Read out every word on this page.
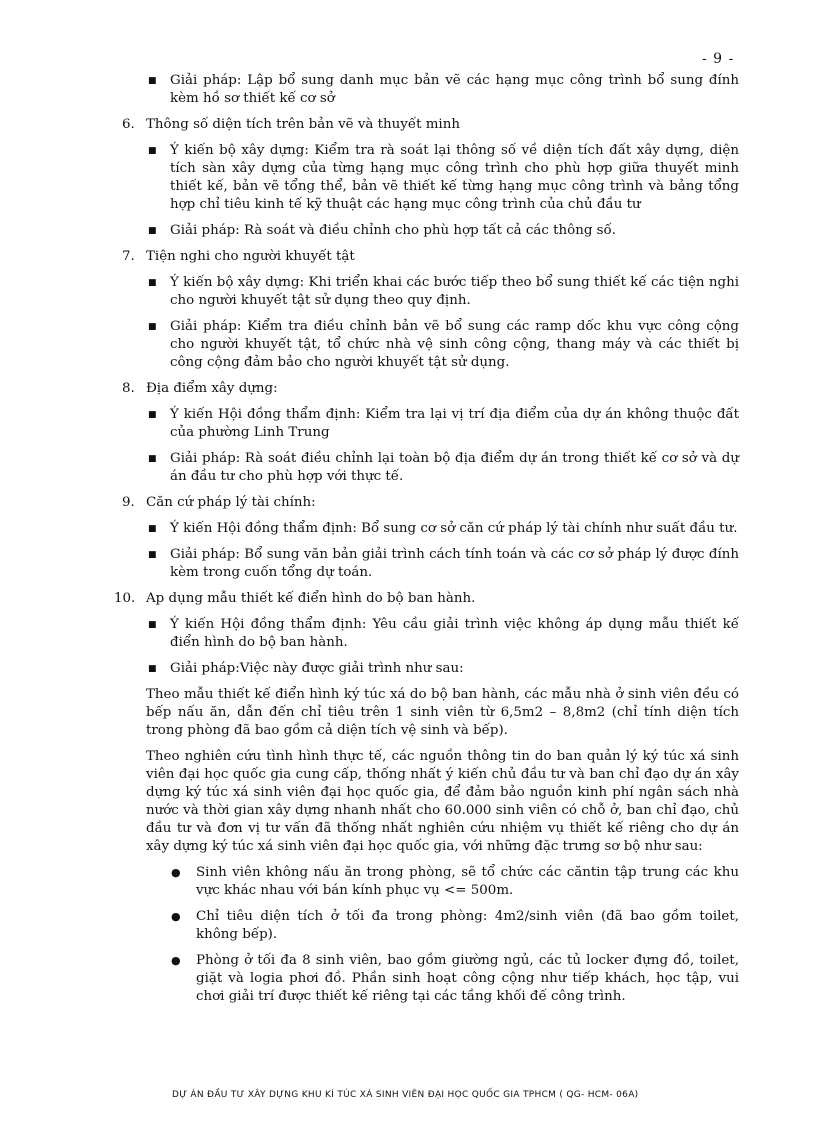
- 9 -
■ Giải pháp: Lập bổ sung danh mục bản vẽ các hạng mục công trình bổ sung đính kèm hồ sơ thiết kế cơ sở
6. Thông số diện tích trên bản vẽ và thuyết minh
■ Ý kiến bộ xây dựng: Kiểm tra rà soát lại thông số về diện tích đất xây dựng, diện tích sàn xây dựng của từng hạng mục công trình cho phù hợp giữa thuyết minh thiết kế, bản vẽ tổng thể, bản vẽ thiết kế từng hạng mục công trình và bảng tổng hợp chỉ tiêu kinh tế kỹ thuật các hạng mục công trình của chủ đầu tư
■ Giải pháp: Rà soát và điều chỉnh cho phù hợp tất cả các thông số.
7. Tiện nghi cho người khuyết tật
■ Ý kiến bộ xây dựng: Khi triển khai các bước tiếp theo bổ sung thiết kế các tiện nghi cho người khuyết tật sử dụng theo quy định.
■ Giải pháp: Kiểm tra điều chỉnh bản vẽ bổ sung các ramp dốc khu vực công cộng cho người khuyết tật, tổ chức nhà vệ sinh công cộng, thang máy và các thiết bị công cộng đảm bảo cho người khuyết tật sử dụng.
8. Địa điểm xây dựng:
■ Ý kiến Hội đồng thẩm định: Kiểm tra lại vị trí địa điểm của dự án không thuộc đất của phường Linh Trung
■ Giải pháp: Rà soát điều chỉnh lại toàn bộ địa điểm dự án trong thiết kế cơ sở và dự án đầu tư cho phù hợp với thực tế.
9. Căn cứ pháp lý tài chính:
■ Ý kiến Hội đồng thẩm định: Bổ sung cơ sở căn cứ pháp lý tài chính như suất đầu tư.
■ Giải pháp: Bổ sung văn bản giải trình cách tính toán và các cơ sở pháp lý được đính kèm trong cuốn tổng dự toán.
10. Ap dụng mẫu thiết kế điển hình do bộ ban hành.
■ Ý kiến Hội đồng thẩm định: Yêu cầu giải trình việc không áp dụng mẫu thiết kế điển hình do bộ ban hành.
■ Giải pháp:Việc này được giải trình như sau:
Theo mẫu thiết kế điển hình ký túc xá do bộ ban hành, các mẫu nhà ở sinh viên đều có bếp nấu ăn, dẫn đến chỉ tiêu trên 1 sinh viên từ 6,5m2 – 8,8m2 (chỉ tính diện tích trong phòng đã bao gồm cả diện tích vệ sinh và bếp).
Theo nghiên cứu tình hình thực tế, các nguồn thông tin do ban quản lý ký túc xá sinh viên đại học quốc gia cung cấp, thống nhất ý kiến chủ đầu tư và ban chỉ đạo dự án xây dựng ký túc xá sinh viên đại học quốc gia, để đảm bảo nguồn kinh phí ngân sách nhà nước và thời gian xây dựng nhanh nhất cho 60.000 sinh viên có chỗ ở, ban chỉ đạo, chủ đầu tư và đơn vị tư vấn đã thống nhất nghiên cứu nhiệm vụ thiết kế riêng cho dự án xây dựng ký túc xá sinh viên đại học quốc gia, với những đặc trưng sơ bộ như sau:
● Sinh viên không nấu ăn trong phòng, sẽ tổ chức các căntin tập trung các khu vực khác nhau với bán kính phục vụ <= 500m.
● Chỉ tiêu diện tích ở tối đa trong phòng: 4m2/sinh viên (đã bao gồm toilet, không bếp).
● Phòng ở tối đa 8 sinh viên, bao gồm giường ngủ, các tủ locker đựng đồ, toilet, giặt và logia phơi đồ. Phần sinh hoạt công cộng như tiếp khách, học tập, vui chơi giải trí được thiết kế riêng tại các tầng khối đế công trình.
DỰ ÁN ĐẦU TƯ XÂY DỰNG KHU KÍ TÚC XÁ SINH VIÊN ĐẠI HỌC QUỐC GIA TPHCM ( QG- HCM- 06A)
